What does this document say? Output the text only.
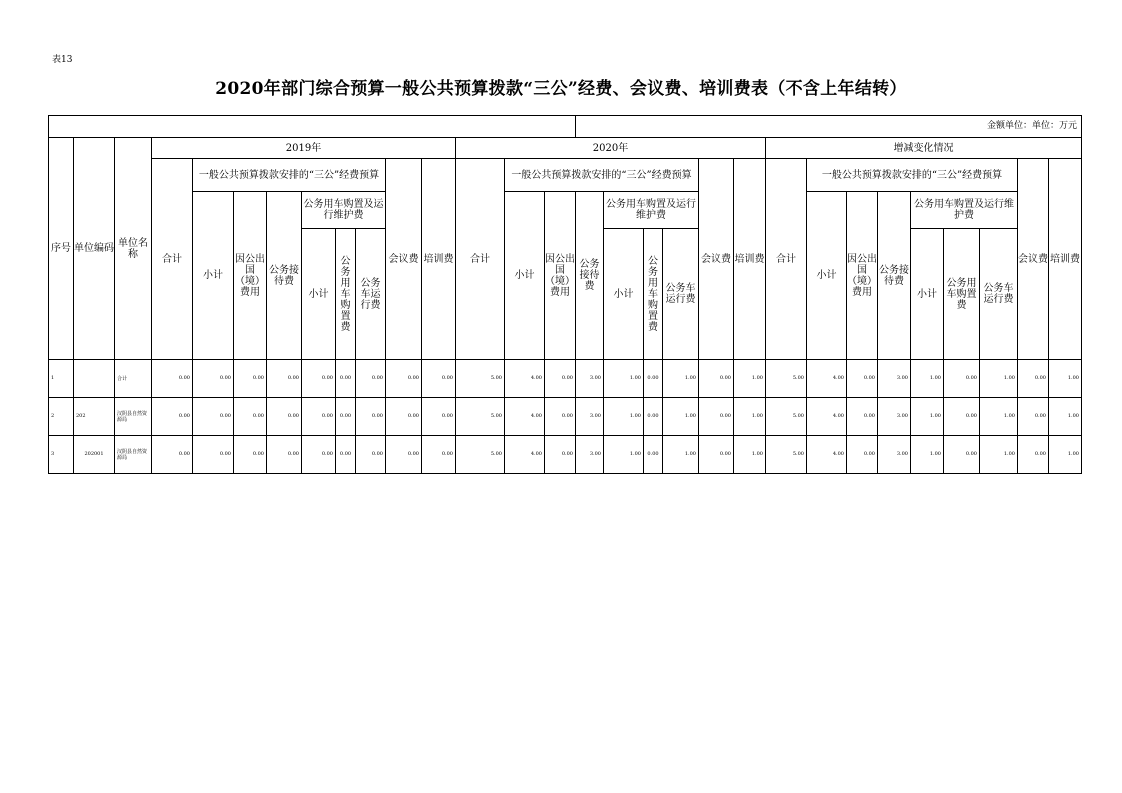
表13
2020年部门综合预算一般公共预算拨款“三公”经费、会议费、培训费表（不含上年结转）
															金额单位：单位：万元														
序号	单位编码	单位名称	2019年									2020年									增减变化情况								
			合计	一般公共预算拨款安排的“三公”经费预算						会议费	培训费	合计	一般公共预算拨款安排的“三公”经费预算						会议费	培训费	合计	一般公共预算拨款安排的“三公”经费预算						会议费	培训费
				小计	因公出国（境）费用	公务接待费	公务用车购置及运行维护费						小计	因公出国（境）费用	公务接待费	公务用车购置及运行维护费						小计	因公出国（境）费用	公务接待费	公务用车购置及运行维护费				
							小计	公务用车购置费	公务车运行费							小计	公务用车购置费	公务车运行费							小计	公务用车购置费	公务车运行费		

1		合计	0.00	0.00	0.00	0.00	0.00	0.00	0.00	0.00	0.00	5.00	4.00	0.00	3.00	1.00	0.00	1.00	0.00	1.00	5.00	4.00	0.00	3.00	1.00	0.00	1.00	0.00	1.00
2	202	汉阴县自然资源局	0.00	0.00	0.00	0.00	0.00	0.00	0.00	0.00	0.00	5.00	4.00	0.00	3.00	1.00	0.00	1.00	0.00	1.00	5.00	4.00	0.00	3.00	1.00	0.00	1.00	0.00	1.00
3	202001	汉阴县自然资源局	0.00	0.00	0.00	0.00	0.00	0.00	0.00	0.00	0.00	5.00	4.00	0.00	3.00	1.00	0.00	1.00	0.00	1.00	5.00	4.00	0.00	3.00	1.00	0.00	1.00	0.00	1.00
